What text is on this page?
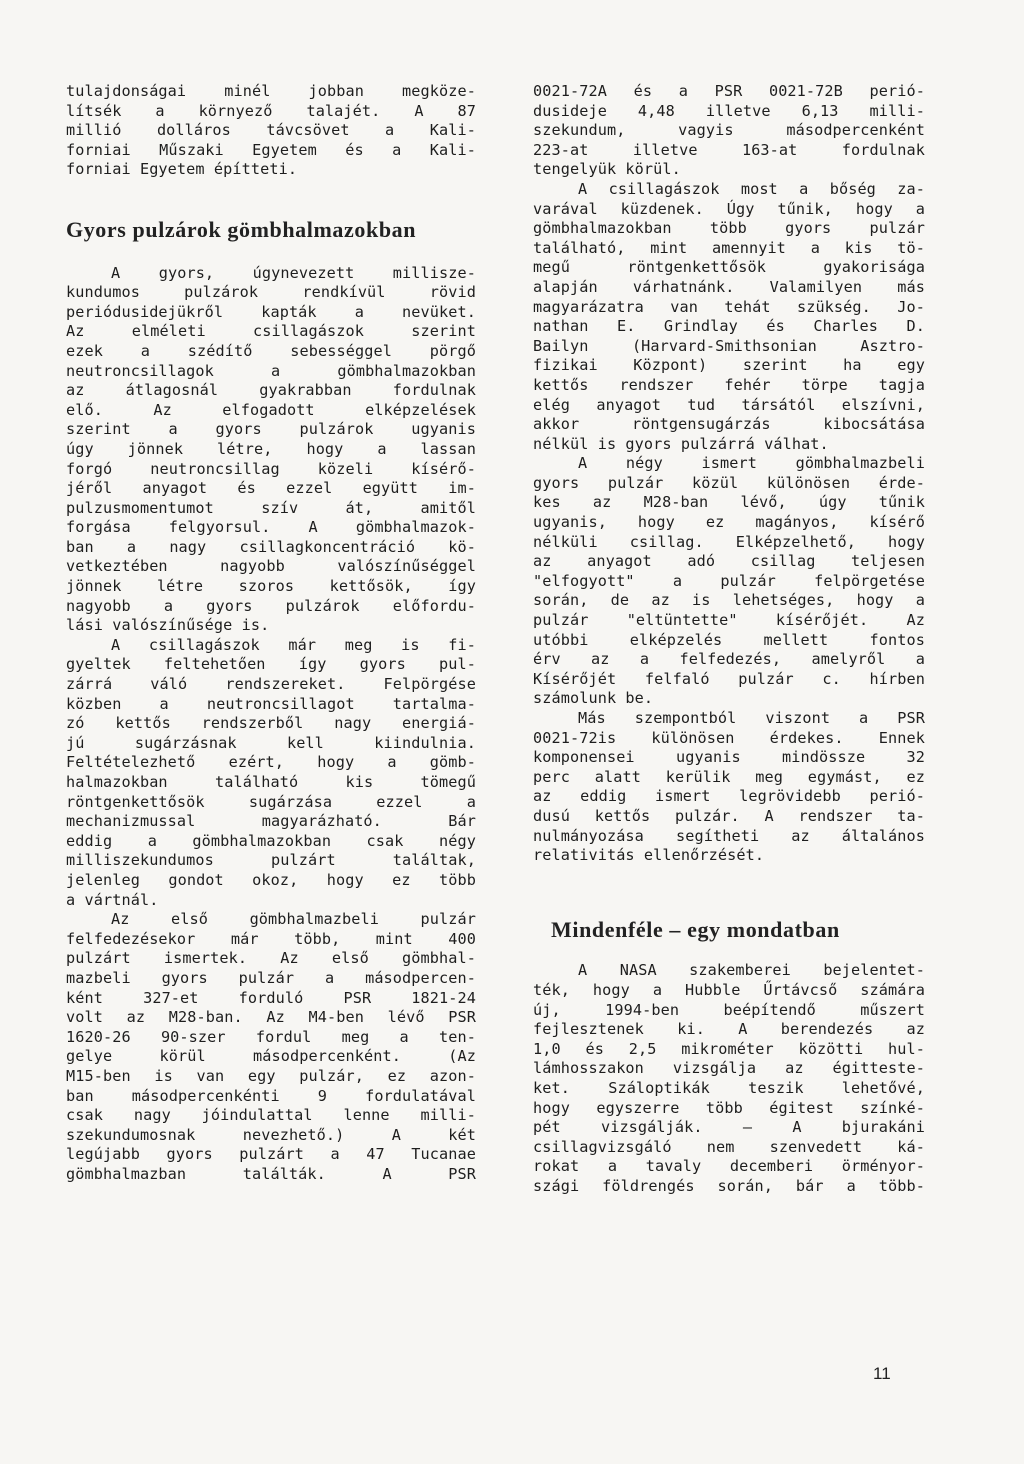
tulajdonságai minél jobban megköze-
lítsék a környező talajét. A 87
millió dolláros távcsövet a Kali-
forniai Műszaki Egyetem és a Kali-
forniai Egyetem építteti.
Gyors pulzárok gömbhalmazokban
A gyors, úgynevezett millisze-
kundumos pulzárok rendkívül rövid
periódusidejükről kapták a nevüket.
Az elméleti csillagászok szerint
ezek a szédítő sebességgel pörgő
neutroncsillagok a gömbhalmazokban
az átlagosnál gyakrabban fordulnak
elő. Az elfogadott elképzelések
szerint a gyors pulzárok ugyanis
úgy jönnek létre, hogy a lassan
forgó neutroncsillag közeli kísérő-
jéről anyagot és ezzel együtt im-
pulzusmomentumot szív át, amitől
forgása felgyorsul. A gömbhalmazok-
ban a nagy csillagkoncentráció kö-
vetkeztében nagyobb valószínűséggel
jönnek létre szoros kettősök, így
nagyobb a gyors pulzárok előfordu-
lási valószínűsége is.
A csillagászok már meg is fi-
gyeltek feltehetően így gyors pul-
zárrá váló rendszereket. Felpörgése
közben a neutroncsillagot tartalma-
zó kettős rendszerből nagy energiá-
jú sugárzásnak kell kiindulnia.
Feltételezhető ezért, hogy a gömb-
halmazokban található kis tömegű
röntgenkettősök sugárzása ezzel a
mechanizmussal magyarázható. Bár
eddig a gömbhalmazokban csak négy
milliszekundumos pulzárt találtak,
jelenleg gondot okoz, hogy ez több
a vártnál.
Az első gömbhalmazbeli pulzár
felfedezésekor már több, mint 400
pulzárt ismertek. Az első gömbhal-
mazbeli gyors pulzár a másodpercen-
ként 327-et forduló PSR 1821-24
volt az M28-ban. Az M4-ben lévő PSR
1620-26 90-szer fordul meg a ten-
gelye körül másodpercenként. (Az
M15-ben is van egy pulzár, ez azon-
ban másodpercenkénti 9 fordulatával
csak nagy jóindulattal lenne milli-
szekundumosnak nevezhető.) A két
legújabb gyors pulzárt a 47 Tucanae
gömbhalmazban találták. A PSR
0021-72A és a PSR 0021-72B perió-
dusideje 4,48 illetve 6,13 milli-
szekundum, vagyis másodpercenként
223-at illetve 163-at fordulnak
tengelyük körül.
A csillagászok most a bőség za-
varával küzdenek. Úgy tűnik, hogy a
gömbhalmazokban több gyors pulzár
található, mint amennyit a kis tö-
megű röntgenkettősök gyakorisága
alapján várhatnánk. Valamilyen más
magyarázatra van tehát szükség. Jo-
nathan E. Grindlay és Charles D.
Bailyn (Harvard-Smithsonian Asztro-
fizikai Központ) szerint ha egy
kettős rendszer fehér törpe tagja
elég anyagot tud társától elszívni,
akkor röntgensugárzás kibocsátása
nélkül is gyors pulzárrá válhat.
A négy ismert gömbhalmazbeli
gyors pulzár közül különösen érde-
kes az M28-ban lévő, úgy tűnik
ugyanis, hogy ez magányos, kísérő
nélküli csillag. Elképzelhető, hogy
az anyagot adó csillag teljesen
"elfogyott" a pulzár felpörgetése
során, de az is lehetséges, hogy a
pulzár "eltüntette" kísérőjét. Az
utóbbi elképzelés mellett fontos
érv az a felfedezés, amelyről a
Kísérőjét felfaló pulzár c. hírben
számolunk be.
Más szempontból viszont a PSR
0021-72is különösen érdekes. Ennek
komponensei ugyanis mindössze 32
perc alatt kerülik meg egymást, ez
az eddig ismert legrövidebb perió-
dusú kettős pulzár. A rendszer ta-
nulmányozása segítheti az általános
relativitás ellenőrzését.
Mindenféle – egy mondatban
A NASA szakemberei bejelentet-
ték, hogy a Hubble Űrtávcső számára
új, 1994-ben beépítendő műszert
fejlesztenek ki. A berendezés az
1,0 és 2,5 mikrométer közötti hul-
lámhosszakon vizsgálja az égitteste-
ket. Száloptikák teszik lehetővé,
hogy egyszerre több égitest színké-
pét vizsgálják. – A bjurakáni
csillagvizsgáló nem szenvedett ká-
rokat a tavaly decemberi örményor-
szági földrengés során, bár a több-
11
